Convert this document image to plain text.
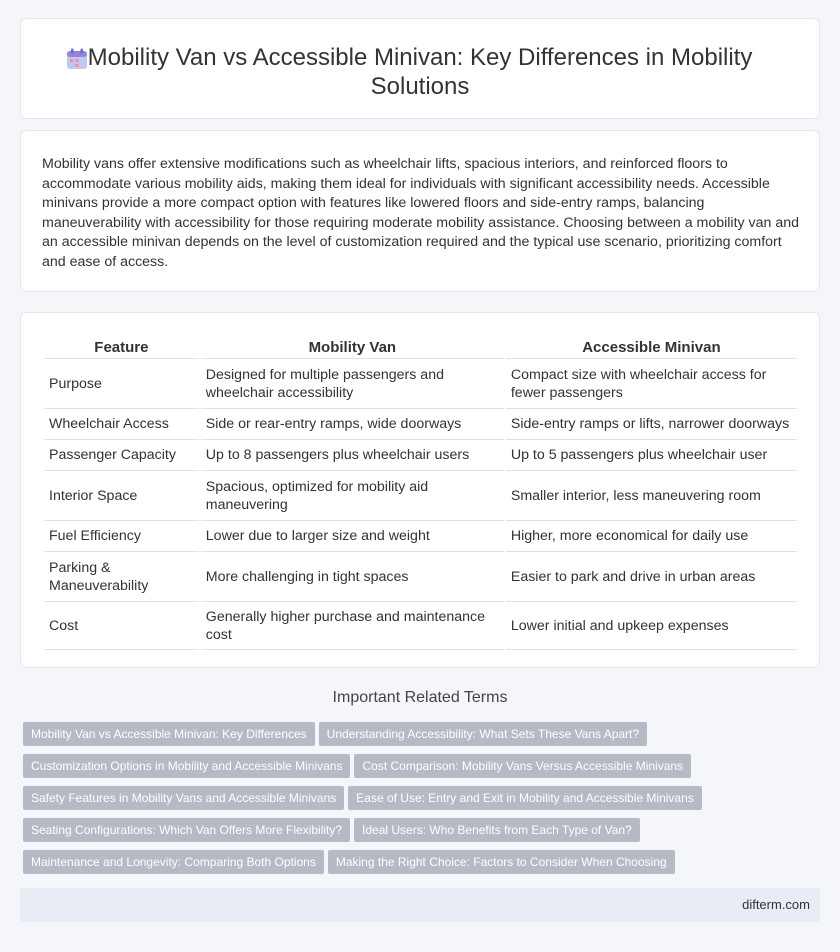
Mobility Van vs Accessible Minivan: Key Differences in Mobility Solutions

Mobility vans offer extensive modifications such as wheelchair lifts, spacious interiors, and reinforced floors to accommodate various mobility aids, making them ideal for individuals with significant accessibility needs. Accessible minivans provide a more compact option with features like lowered floors and side-entry ramps, balancing maneuverability with accessibility for those requiring moderate mobility assistance. Choosing between a mobility van and an accessible minivan depends on the level of customization required and the typical use scenario, prioritizing comfort and ease of access.

Feature	Mobility Van	Accessible Minivan
Purpose	Designed for multiple passengers and wheelchair accessibility	Compact size with wheelchair access for fewer passengers
Wheelchair Access	Side or rear-entry ramps, wide doorways	Side-entry ramps or lifts, narrower doorways
Passenger Capacity	Up to 8 passengers plus wheelchair users	Up to 5 passengers plus wheelchair user
Interior Space	Spacious, optimized for mobility aid maneuvering	Smaller interior, less maneuvering room
Fuel Efficiency	Lower due to larger size and weight	Higher, more economical for daily use
Parking & Maneuverability	More challenging in tight spaces	Easier to park and drive in urban areas
Cost	Generally higher purchase and maintenance cost	Lower initial and upkeep expenses
Important Related Terms
Mobility Van vs Accessible Minivan: Key Differences Understanding Accessibility: What Sets These Vans Apart?
Customization Options in Mobility and Accessible Minivans Cost Comparison: Mobility Vans Versus Accessible Minivans
Safety Features in Mobility Vans and Accessible Minivans Ease of Use: Entry and Exit in Mobility and Accessible Minivans
Seating Configurations: Which Van Offers More Flexibility? Ideal Users: Who Benefits from Each Type of Van?
Maintenance and Longevity: Comparing Both Options Making the Right Choice: Factors to Consider When Choosing
difterm.com
